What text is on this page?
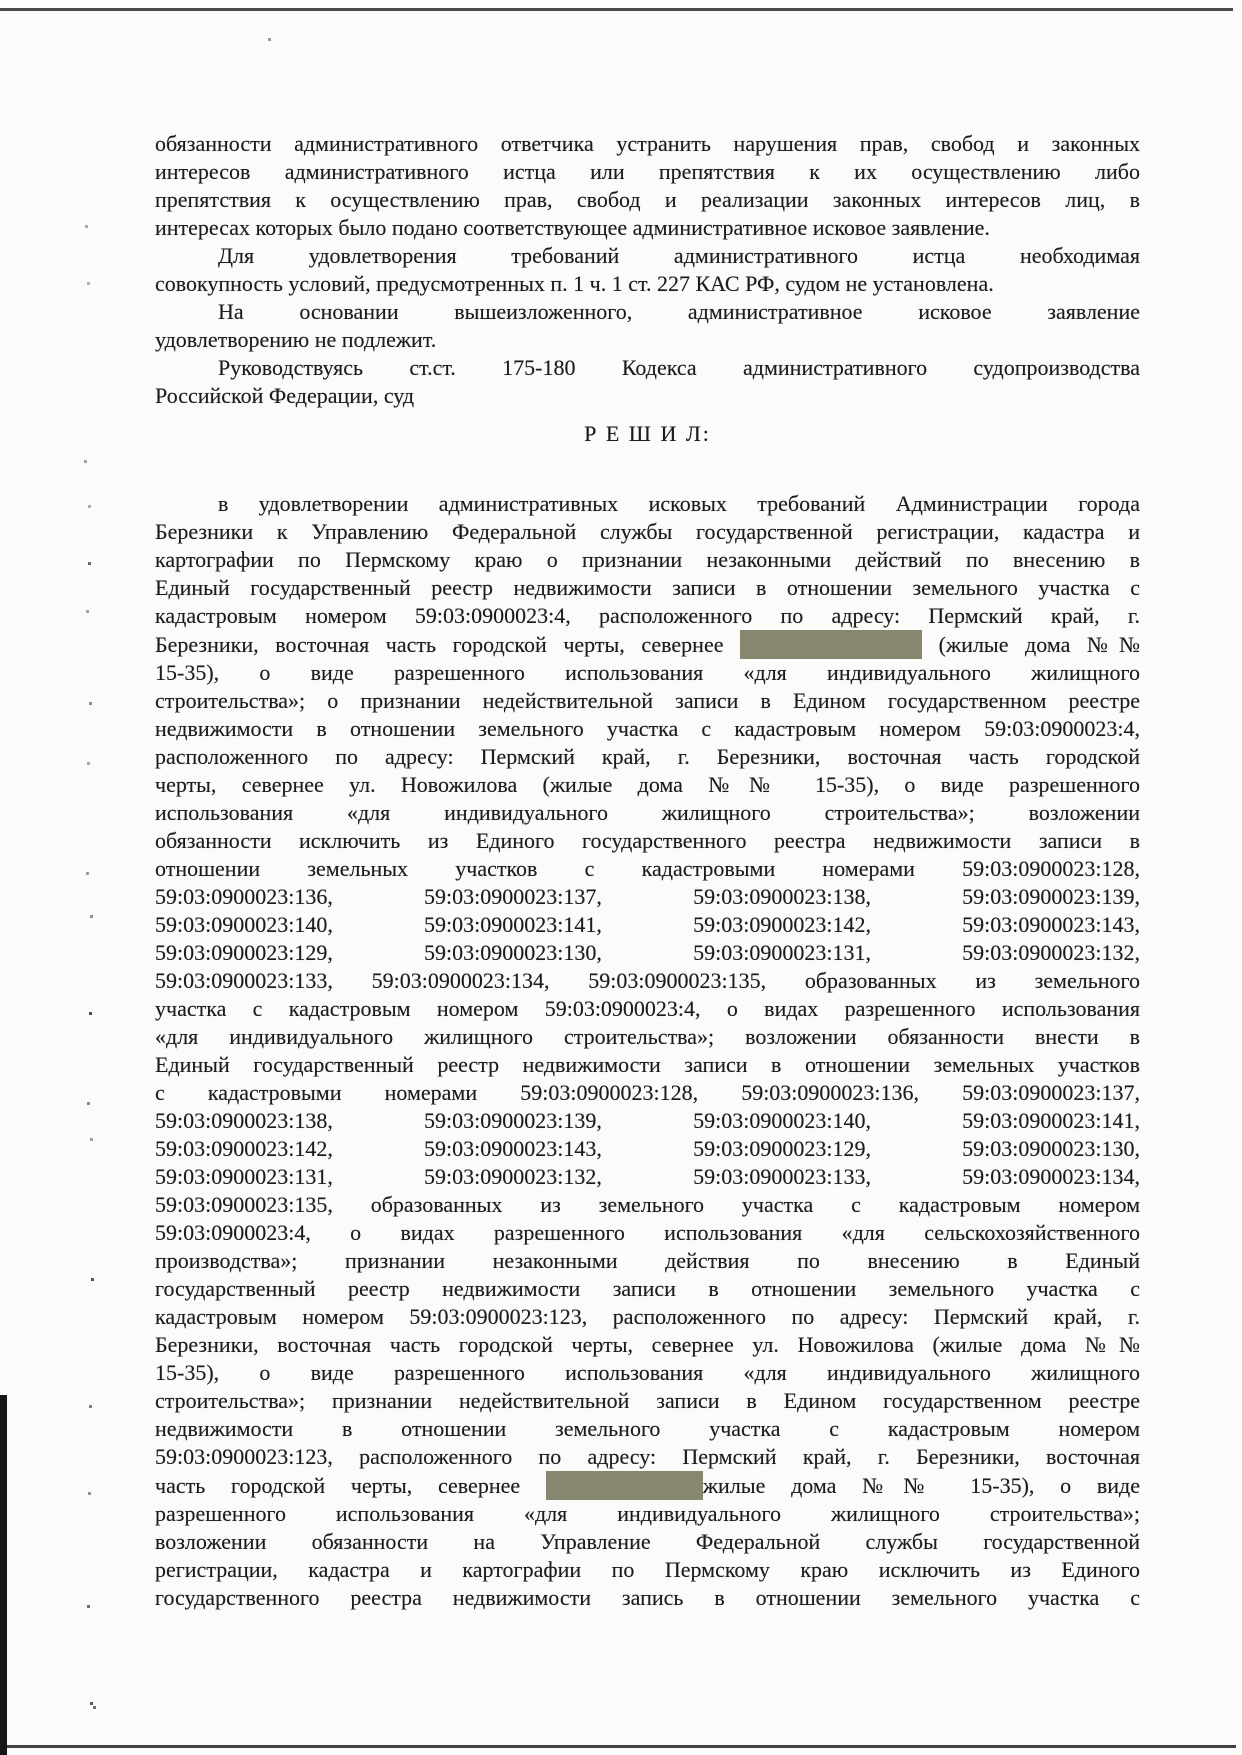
обязанности административного ответчика устранить нарушения прав, свобод и законных
интересов административного истца или препятствия к их осуществлению либо
препятствия к осуществлению прав, свобод и реализации законных интересов лиц, в
интересах которых было подано соответствующее административное исковое заявление.
Для удовлетворения требований административного истца необходимая
совокупность условий, предусмотренных п. 1 ч. 1 ст. 227 КАС РФ, судом не установлена.
На основании вышеизложенного, административное исковое заявление
удовлетворению не подлежит.
Руководствуясь ст.ст. 175-180 Кодекса административного судопроизводства
Российской Федерации, суд
Р Е Ш И Л:
в удовлетворении административных исковых требований Администрации города
Березники к Управлению Федеральной службы государственной регистрации, кадастра и
картографии по Пермскому краю о признании незаконными действий по внесению в
Единый государственный реестр недвижимости записи в отношении земельного участка с
кадастровым номером 59:03:0900023:4, расположенного по адресу: Пермский край, г.
Березники, восточная часть городской черты, севернее	(жилые дома №№
15-35), о виде разрешенного использования «для индивидуального жилищного
строительства»; о признании недействительной записи в Едином государственном реестре
недвижимости в отношении земельного участка с кадастровым номером 59:03:0900023:4,
расположенного по адресу: Пермский край, г. Березники, восточная часть городской
черты, севернее ул. Новожилова (жилые дома №№ 15-35), о виде разрешенного
использования «для индивидуального жилищного строительства»; возложении
обязанности исключить из Единого государственного реестра недвижимости записи в
отношении земельных участков с кадастровыми номерами 59:03:0900023:128,
59:03:0900023:136, 59:03:0900023:137, 59:03:0900023:138, 59:03:0900023:139,
59:03:0900023:140, 59:03:0900023:141, 59:03:0900023:142, 59:03:0900023:143,
59:03:0900023:129, 59:03:0900023:130, 59:03:0900023:131, 59:03:0900023:132,
59:03:0900023:133, 59:03:0900023:134, 59:03:0900023:135, образованных из земельного
участка с кадастровым номером 59:03:0900023:4, о видах разрешенного использования
«для индивидуального жилищного строительства»; возложении обязанности внести в
Единый государственный реестр недвижимости записи в отношении земельных участков
с кадастровыми номерами 59:03:0900023:128, 59:03:0900023:136, 59:03:0900023:137,
59:03:0900023:138, 59:03:0900023:139, 59:03:0900023:140, 59:03:0900023:141,
59:03:0900023:142, 59:03:0900023:143, 59:03:0900023:129, 59:03:0900023:130,
59:03:0900023:131, 59:03:0900023:132, 59:03:0900023:133, 59:03:0900023:134,
59:03:0900023:135, образованных из земельного участка с кадастровым номером
59:03:0900023:4, о видах разрешенного использования «для сельскохозяйственного
производства»; признании незаконными действия по внесению в Единый
государственный реестр недвижимости записи в отношении земельного участка с
кадастровым номером 59:03:0900023:123, расположенного по адресу: Пермский край, г.
Березники, восточная часть городской черты, севернее ул. Новожилова (жилые дома №№
15-35), о виде разрешенного использования «для индивидуального жилищного
строительства»; признании недействительной записи в Едином государственном реестре
недвижимости в отношении земельного участка с кадастровым номером
59:03:0900023:123, расположенного по адресу: Пермский край, г. Березники, восточная
часть городской черты, севернее	жилые дома №№ 15-35), о виде
разрешенного использования «для индивидуального жилищного строительства»;
возложении обязанности на Управление Федеральной службы государственной
регистрации, кадастра и картографии по Пермскому краю исключить из Единого
государственного реестра недвижимости запись в отношении земельного участка с
